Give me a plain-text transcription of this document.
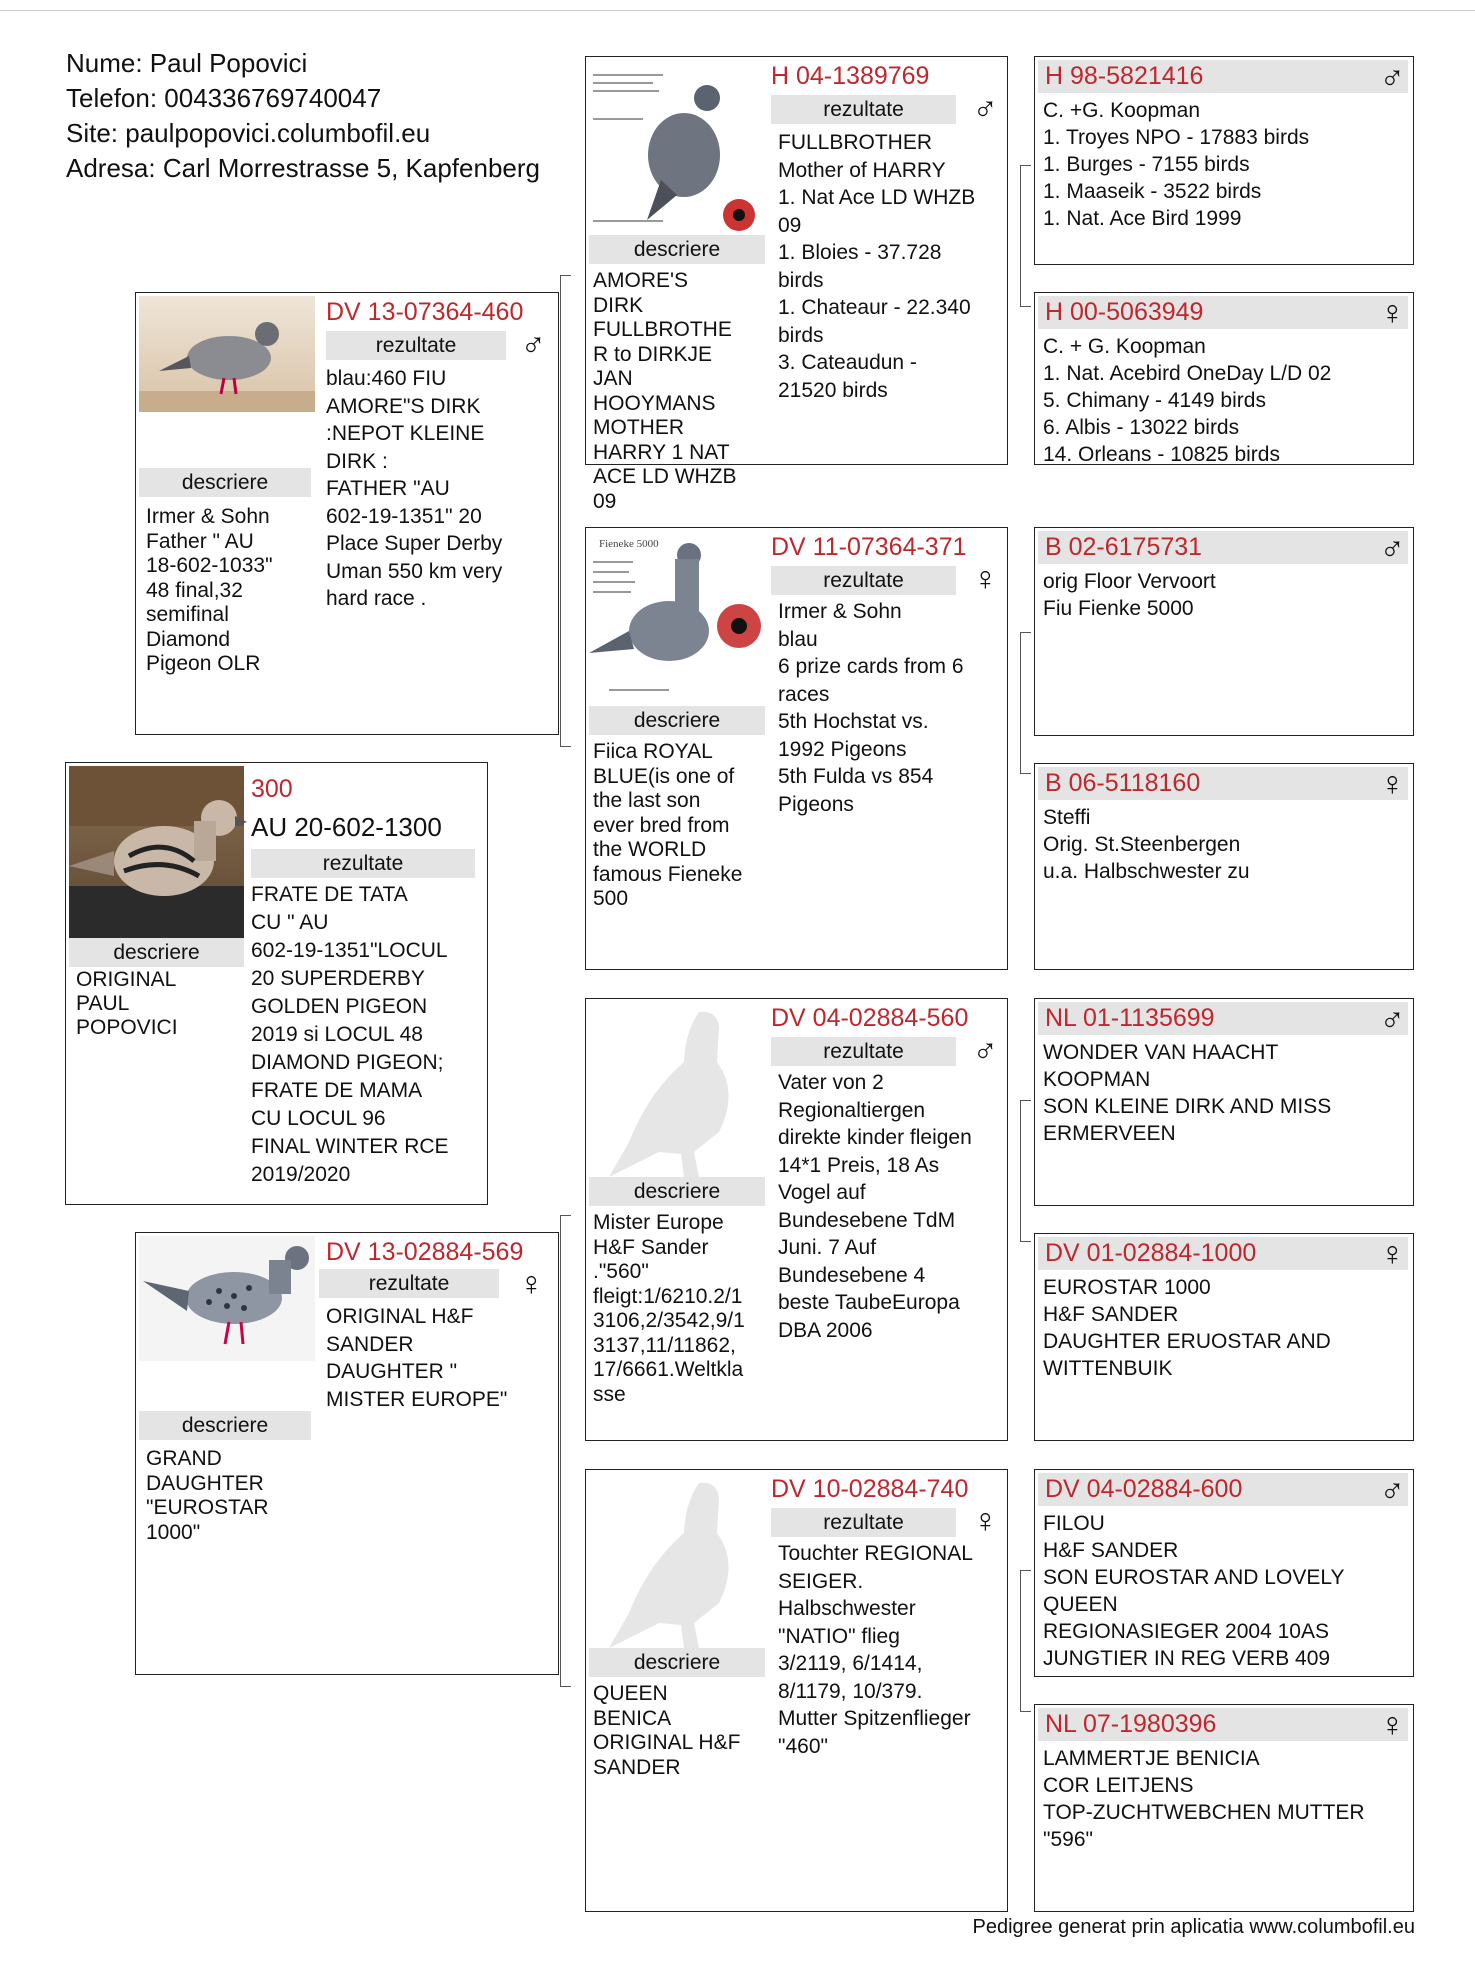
Nume: Paul Popovici
Telefon: 004336769740047
Site: paulpopovici.columbofil.eu
Adresa: Carl Morrestrasse 5, Kapfenberg
descriere
ORIGINAL
PAUL
POPOVICI
300
AU 20-602-1300
rezultate
FRATE DE TATA
CU " AU
602-19-1351"LOCUL
20 SUPERDERBY
GOLDEN PIGEON
2019 si LOCUL 48
DIAMOND PIGEON;
FRATE DE MAMA
CU LOCUL 96
FINAL WINTER RCE
2019/2020
descriere
Irmer & Sohn
Father " AU
18-602-1033"
48 final,32
semifinal
Diamond
Pigeon OLR
DV 13-07364-460
rezultate	♂
blau:460 FIU
AMORE"S DIRK
:NEPOT KLEINE
DIRK :
FATHER "AU
602-19-1351" 20
Place Super Derby
Uman 550 km very
hard race .
descriere
GRAND
DAUGHTER
"EUROSTAR
1000"
DV 13-02884-569
rezultate	♀
ORIGINAL H&F
SANDER
DAUGHTER "
MISTER EUROPE"
descriere
AMORE'S
DIRK
FULLBROTHE
R to DIRKJE
JAN
HOOYMANS
MOTHER
HARRY 1 NAT
ACE LD WHZB
09
H 04-1389769
rezultate	♂
FULLBROTHER
Mother of HARRY
1. Nat Ace LD WHZB
09
1. Bloies - 37.728
birds
1. Chateaur - 22.340
birds
3. Cateaudun -
21520 birds
Fieneke 5000
descriere
Fiica ROYAL
BLUE(is one of
the last son
ever bred from
the WORLD
famous Fieneke
500
DV 11-07364-371
rezultate	♀
Irmer & Sohn
blau
6 prize cards from 6
races
5th Hochstat vs.
1992 Pigeons
5th Fulda vs 854
Pigeons
descriere
Mister Europe
H&F Sander
."560"
fleigt:1/6210.2/1
3106,2/3542,9/1
3137,11/11862,
17/6661.Weltkla
sse
DV 04-02884-560
rezultate	♂
Vater von 2
Regionaltiergen
direkte kinder fleigen
14*1 Preis, 18 As
Vogel auf
Bundesebene TdM
Juni. 7 Auf
Bundesebene 4
beste TaubeEuropa
DBA 2006
descriere
QUEEN
BENICA
ORIGINAL H&F
SANDER
DV 10-02884-740
rezultate	♀
Touchter REGIONAL
SEIGER.
Halbschwester
"NATIO" flieg
3/2119, 6/1414,
8/1179, 10/379.
Mutter Spitzenflieger
"460"
H 98-5821416	♂
C. +G. Koopman
1. Troyes NPO - 17883 birds
1. Burges - 7155 birds
1. Maaseik - 3522 birds
1. Nat. Ace Bird 1999
H 00-5063949	♀
C. + G. Koopman
1. Nat. Acebird OneDay L/D 02
5. Chimany - 4149 birds
6. Albis - 13022 birds
14. Orleans - 10825 birds
B 02-6175731	♂
orig Floor Vervoort
Fiu Fienke 5000
B 06-5118160	♀
Steffi
Orig. St.Steenbergen
u.a. Halbschwester zu
NL 01-1135699	♂
WONDER VAN HAACHT
KOOPMAN
SON KLEINE DIRK AND MISS
ERMERVEEN
DV 01-02884-1000	♀
EUROSTAR 1000
H&F SANDER
DAUGHTER ERUOSTAR AND
WITTENBUIK
DV 04-02884-600	♂
FILOU
H&F SANDER
SON EUROSTAR AND LOVELY
QUEEN
REGIONASIEGER 2004 10AS
JUNGTIER IN REG VERB 409
NL 07-1980396	♀
LAMMERTJE BENICIA
COR LEITJENS
TOP-ZUCHTWEBCHEN MUTTER
"596"
Pedigree generat prin aplicatia www.columbofil.eu
